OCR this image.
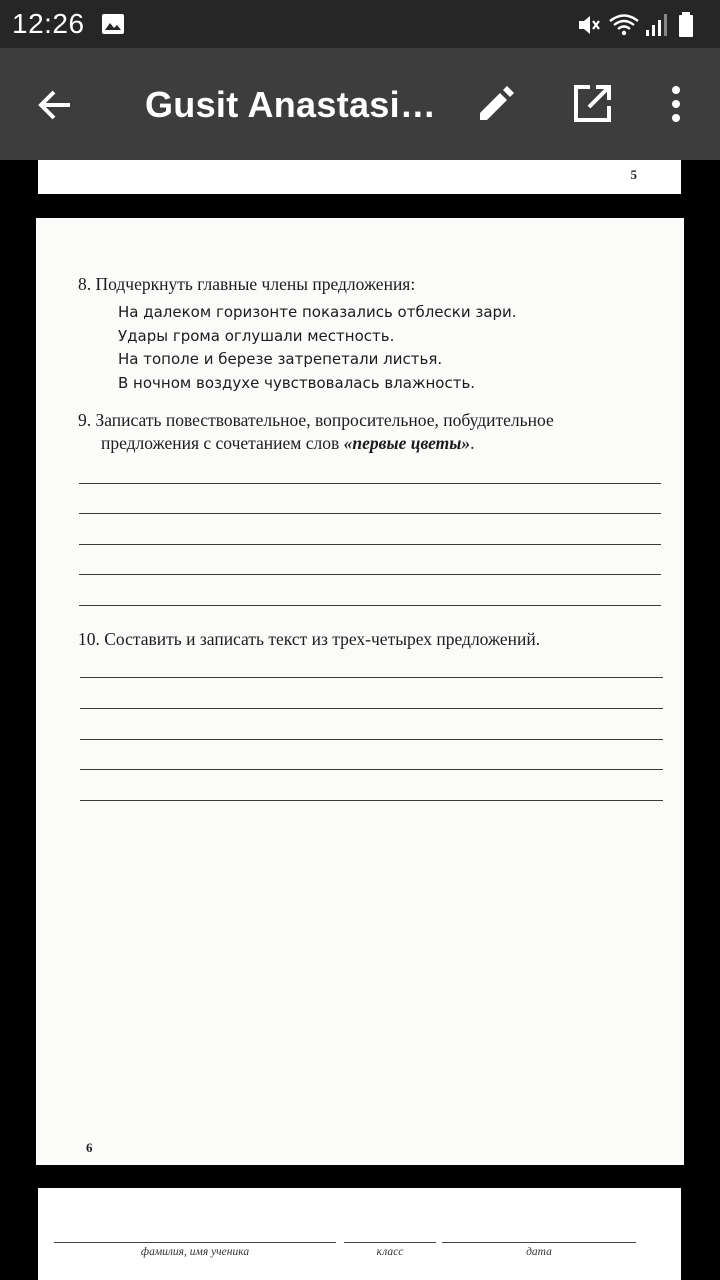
12:26
Gusit Anastasi…
5
8. Подчеркнуть главные члены предложения:
На далеком горизонте показались отблески зари.
Удары грома оглушали местность.
На тополе и березе затрепетали листья.
В ночном воздухе чувствовалась влажность.
9. Записать повествовательное, вопросительное, побудительное
предложения с сочетанием слов «первые цветы».
10. Составить и записать текст из трех-четырех предложений.
6
фамилия, имя ученика	класс	дата
